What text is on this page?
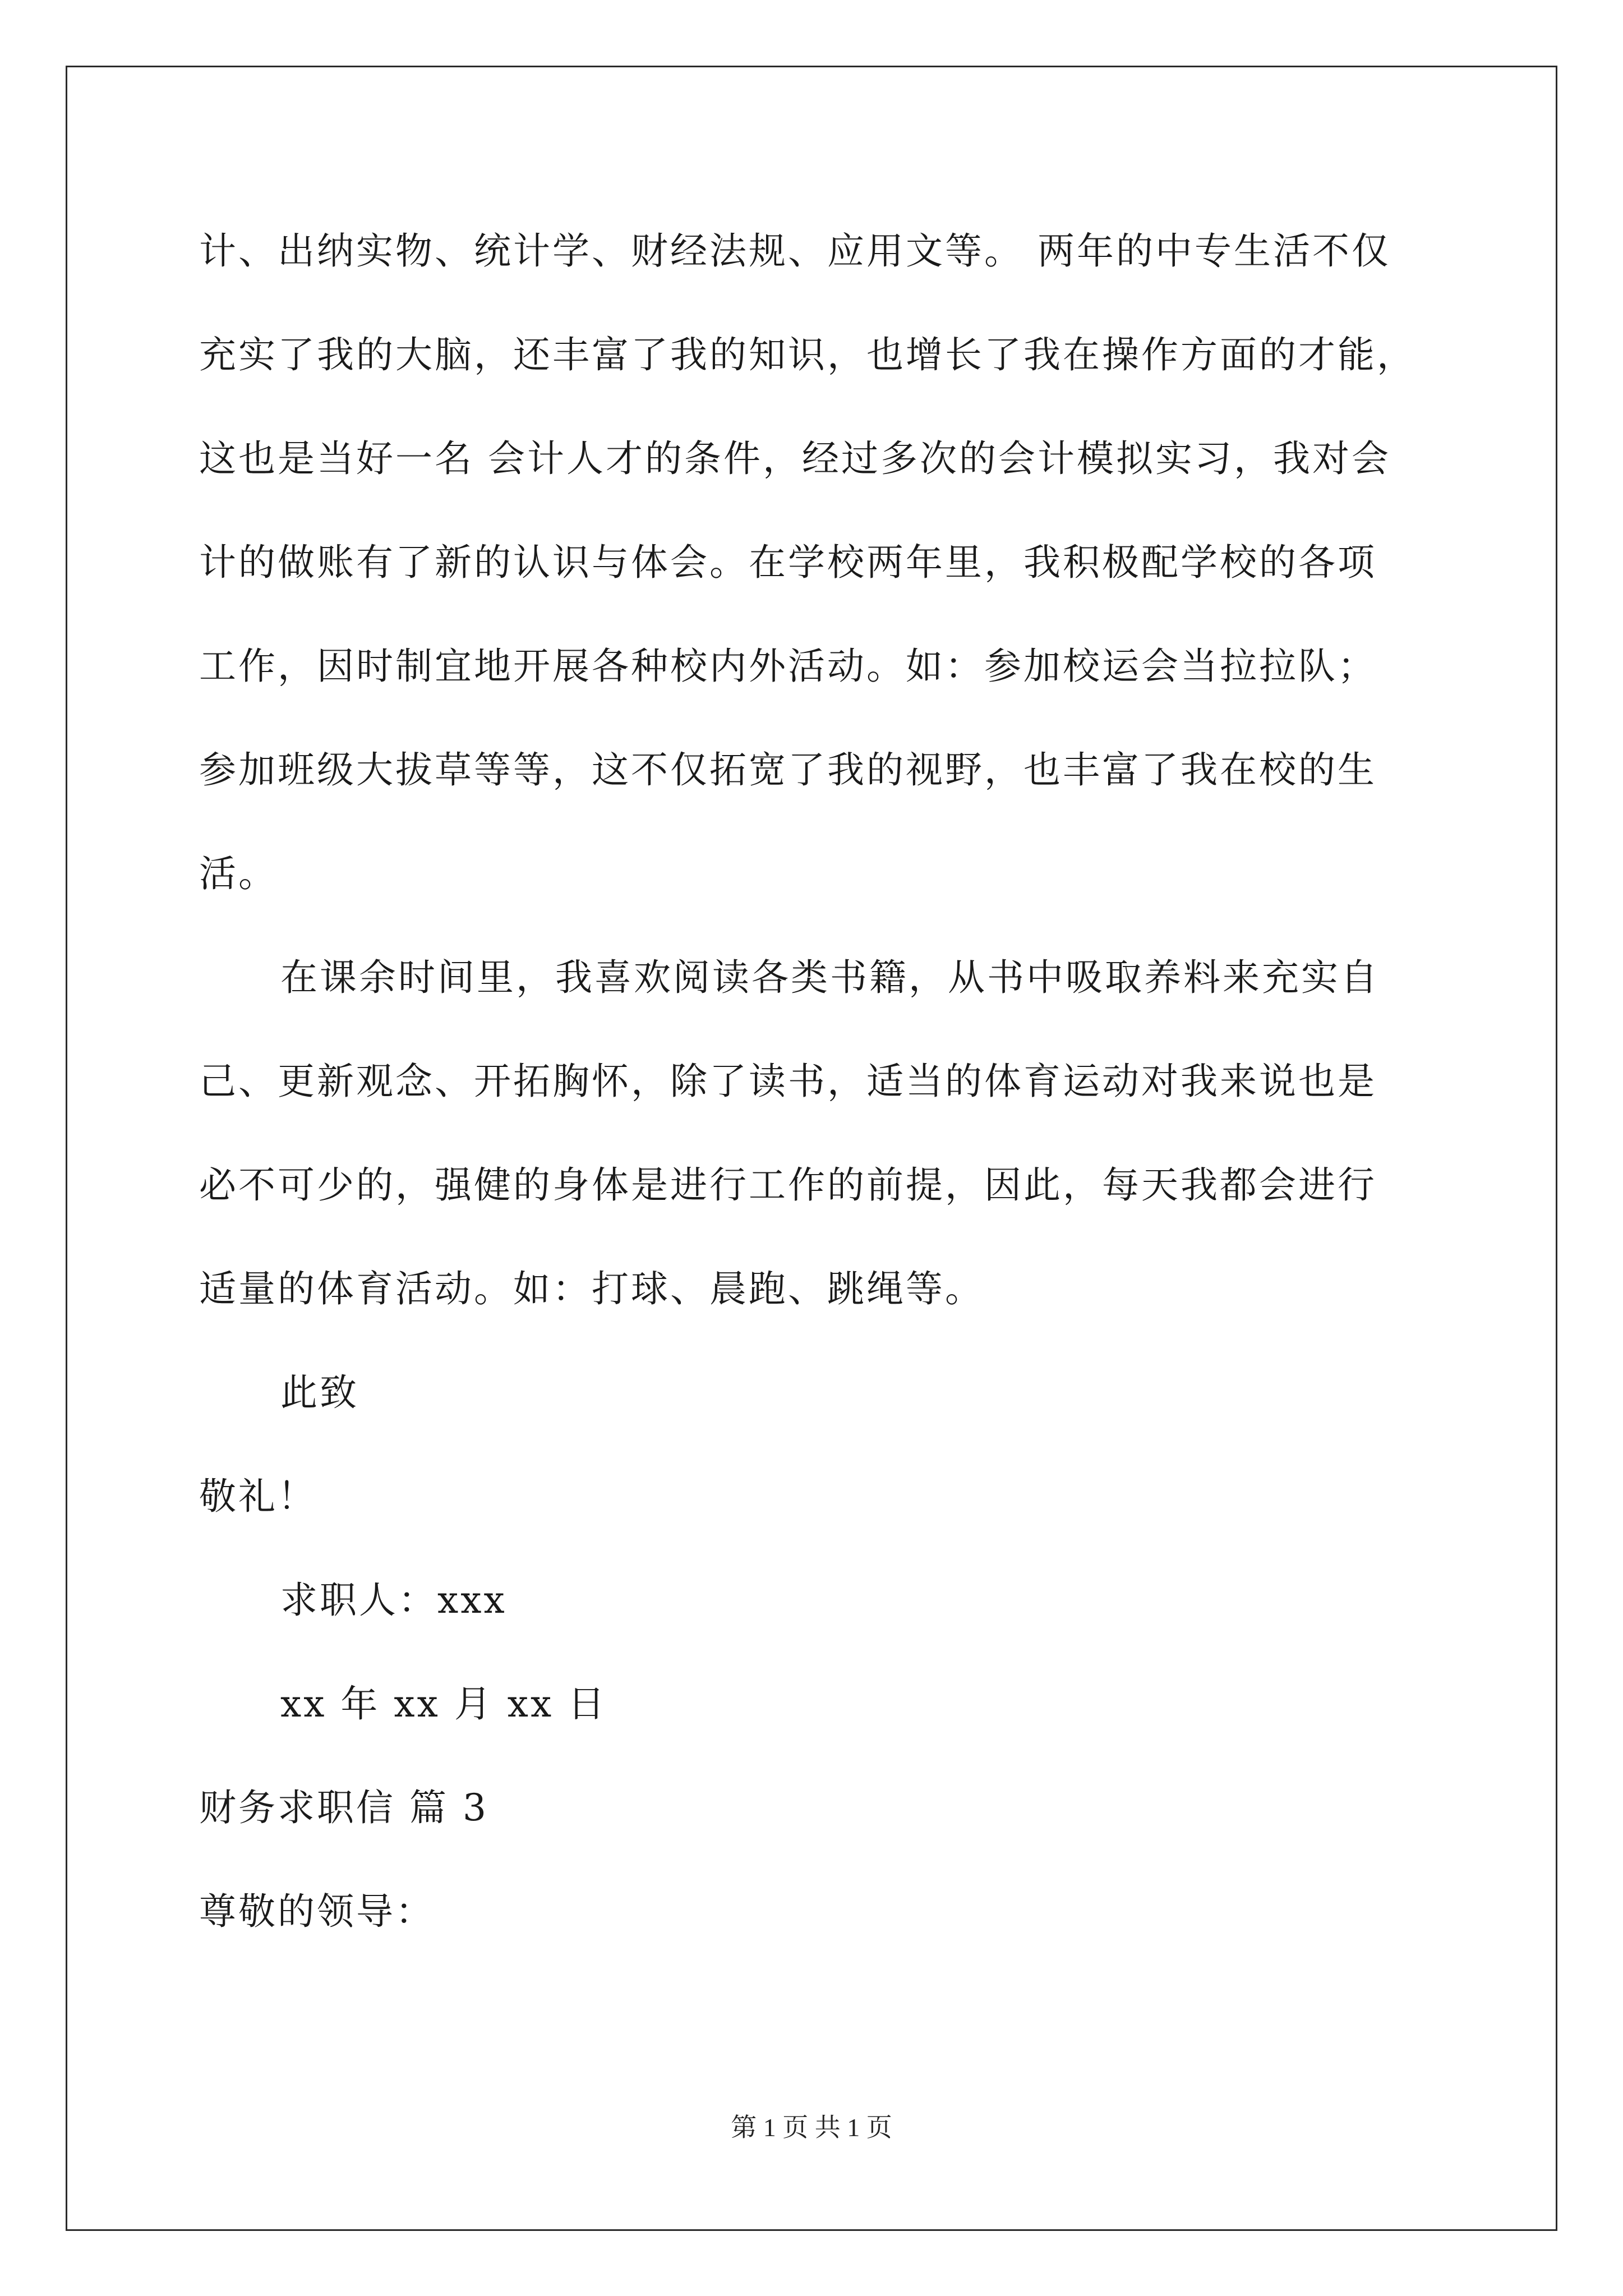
计、出纳实物、统计学、财经法规、应用文等。 两年的中专生活不仅
充实了我的大脑，还丰富了我的知识，也增长了我在操作方面的才能，
这也是当好一名 会计人才的条件，经过多次的会计模拟实习，我对会
计的做账有了新的认识与体会。在学校两年里，我积极配学校的各项
工作，因时制宜地开展各种校内外活动。如：参加校运会当拉拉队；
参加班级大拔草等等，这不仅拓宽了我的视野，也丰富了我在校的生
活。
在课余时间里，我喜欢阅读各类书籍，从书中吸取养料来充实自
己、更新观念、开拓胸怀，除了读书，适当的体育运动对我来说也是
必不可少的，强健的身体是进行工作的前提，因此，每天我都会进行
适量的体育活动。如：打球、晨跑、跳绳等。
此致
敬礼！
求职人：xxx
xx 年 xx 月 xx 日
财务求职信 篇 3
尊敬的领导：
第 1 页 共 1 页
